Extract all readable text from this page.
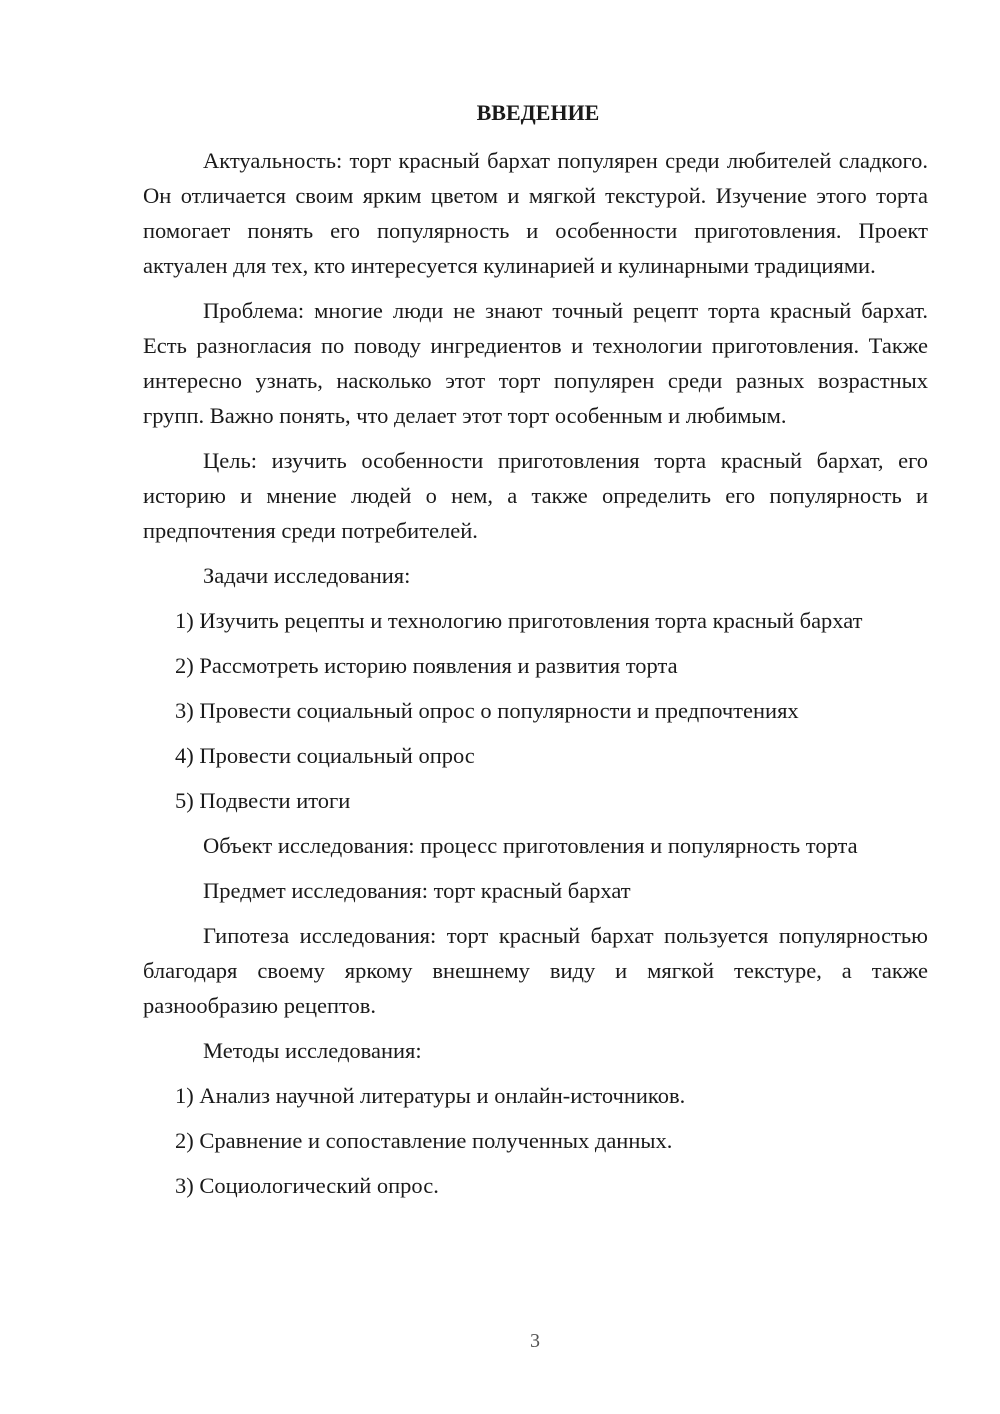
ВВЕДЕНИЕ

Актуальность: торт красный бархат популярен среди любителей сладкого. Он отличается своим ярким цветом и мягкой текстурой. Изучение этого торта помогает понять его популярность и особенности приготовления. Проект актуален для тех, кто интересуется кулинарией и кулинарными традициями.

Проблема: многие люди не знают точный рецепт торта красный бархат. Есть разногласия по поводу ингредиентов и технологии приготовления. Также интересно узнать, насколько этот торт популярен среди разных возрастных групп. Важно понять, что делает этот торт особенным и любимым.

Цель: изучить особенности приготовления торта красный бархат, его историю и мнение людей о нем, а также определить его популярность и предпочтения среди потребителей.

Задачи исследования:

1) Изучить рецепты и технологию приготовления торта красный бархат

2) Рассмотреть историю появления и развития торта

3) Провести социальный опрос о популярности и предпочтениях

4) Провести социальный опрос

5) Подвести итоги

Объект исследования: процесс приготовления и популярность торта

Предмет исследования: торт красный бархат

Гипотеза исследования: торт красный бархат пользуется популярностью благодаря своему яркому внешнему виду и мягкой текстуре, а также разнообразию рецептов.

Методы исследования:

1) Анализ научной литературы и онлайн-источников.

2) Сравнение и сопоставление полученных данных.

3) Социологический опрос.

3
